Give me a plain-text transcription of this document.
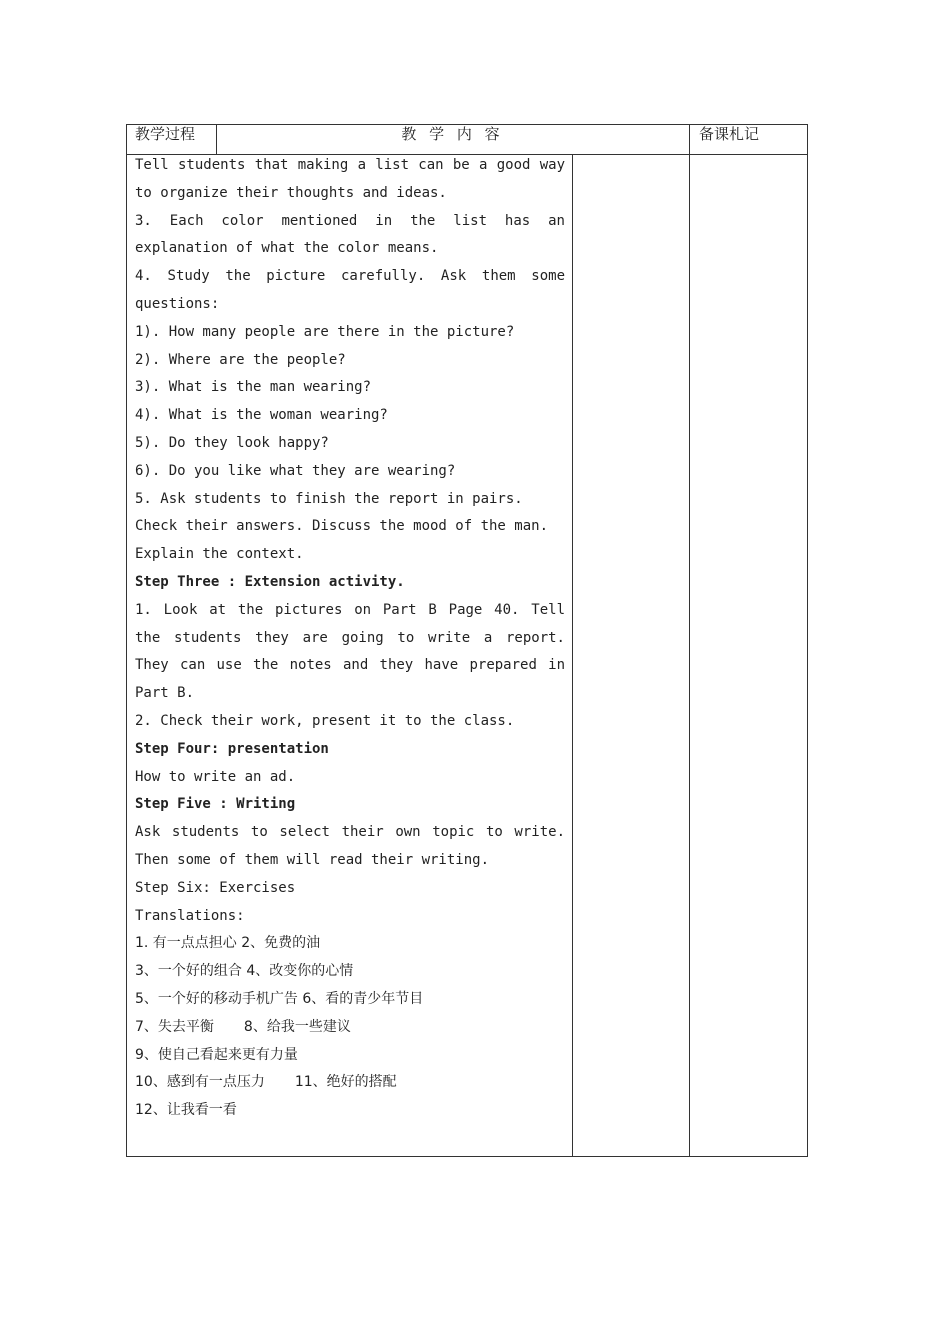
教学过程	教 学 内 容	备课札记
Tell students that making a list can be a good way
to organize their thoughts and ideas.
3. Each color mentioned in the list has an
explanation of what the color means.
4. Study the picture carefully. Ask them some
questions:
1). How many people are there in the picture?
2). Where are the people?
3). What is the man wearing?
4). What is the woman wearing?
5). Do they look happy?
6). Do you like what they are wearing?
5. Ask students to finish the report in pairs.
Check their answers. Discuss the mood of the man.
Explain the context.
Step Three : Extension activity.
1. Look at the pictures on Part B Page 40. Tell
the students they are going to write a report.
They can use the notes and they have prepared in
Part B.
2. Check their work, present it to the class.
Step Four: presentation
How to write an ad.
Step Five : Writing
Ask students to select their own topic to write.
Then some of them will read their writing.
Step Six: Exercises
Translations:
1. 有一点点担心 2、免费的油
3、一个好的组合 4、改变你的心情
5、一个好的移动手机广告 6、看的青少年节目
7、失去平衡 8、给我一些建议
9、使自己看起来更有力量
10、感到有一点压力 11、绝好的搭配
12、让我看一看
